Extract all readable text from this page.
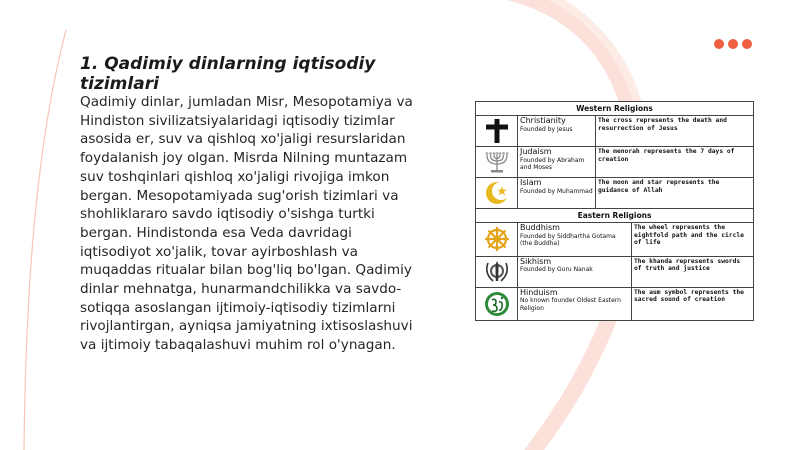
1. Qadimiy dinlarning iqtisodiy tizimlari

Qadimiy dinlar, jumladan Misr, Mesopotamiya va Hindiston sivilizatsiyalaridagi iqtisodiy tizimlar asosida er, suv va qishloq xo'jaligi resurslaridan foydalanish joy olgan. Misrda Nilning muntazam suv toshqinlari qishloq xo'jaligi rivojiga imkon bergan. Mesopotamiyada sug'orish tizimlari va shohliklararo savdo iqtisodiy o'sishga turtki bergan. Hindistonda esa Veda davridagi iqtisodiyot xo'jalik, tovar ayirboshlash va muqaddas ritualar bilan bog'liq bo'lgan. Qadimiy dinlar mehnatga, hunarmandchilikka va savdo-sotiqqa asoslangan ijtimoiy-iqtisodiy tizimlarni rivojlantirgan, ayniqsa jamiyatning ixtisoslashuvi va ijtimoiy tabaqalashuvi muhim rol o'ynagan.

Western Religions			

Christianity
Founded by Jesus	The cross represents the death and resurrection of Jesus	

Judaism
Founded by Abraham and Moses	The menorah represents the 7 days of creation	

Islam
Founded by Muhammad	The moon and star represents the guidance of Allah	
Eastern Religions			

Buddhism
Founded by Siddhartha Gotama (the Buddha)		The wheel represents the eightfold path and the circle of life

Sikhism
Founded by Guru Nanak		The khanda represents swords of truth and justice

Hinduism
No known founder Oldest Eastern Religion		The aum symbol represents the sacred sound of creation
